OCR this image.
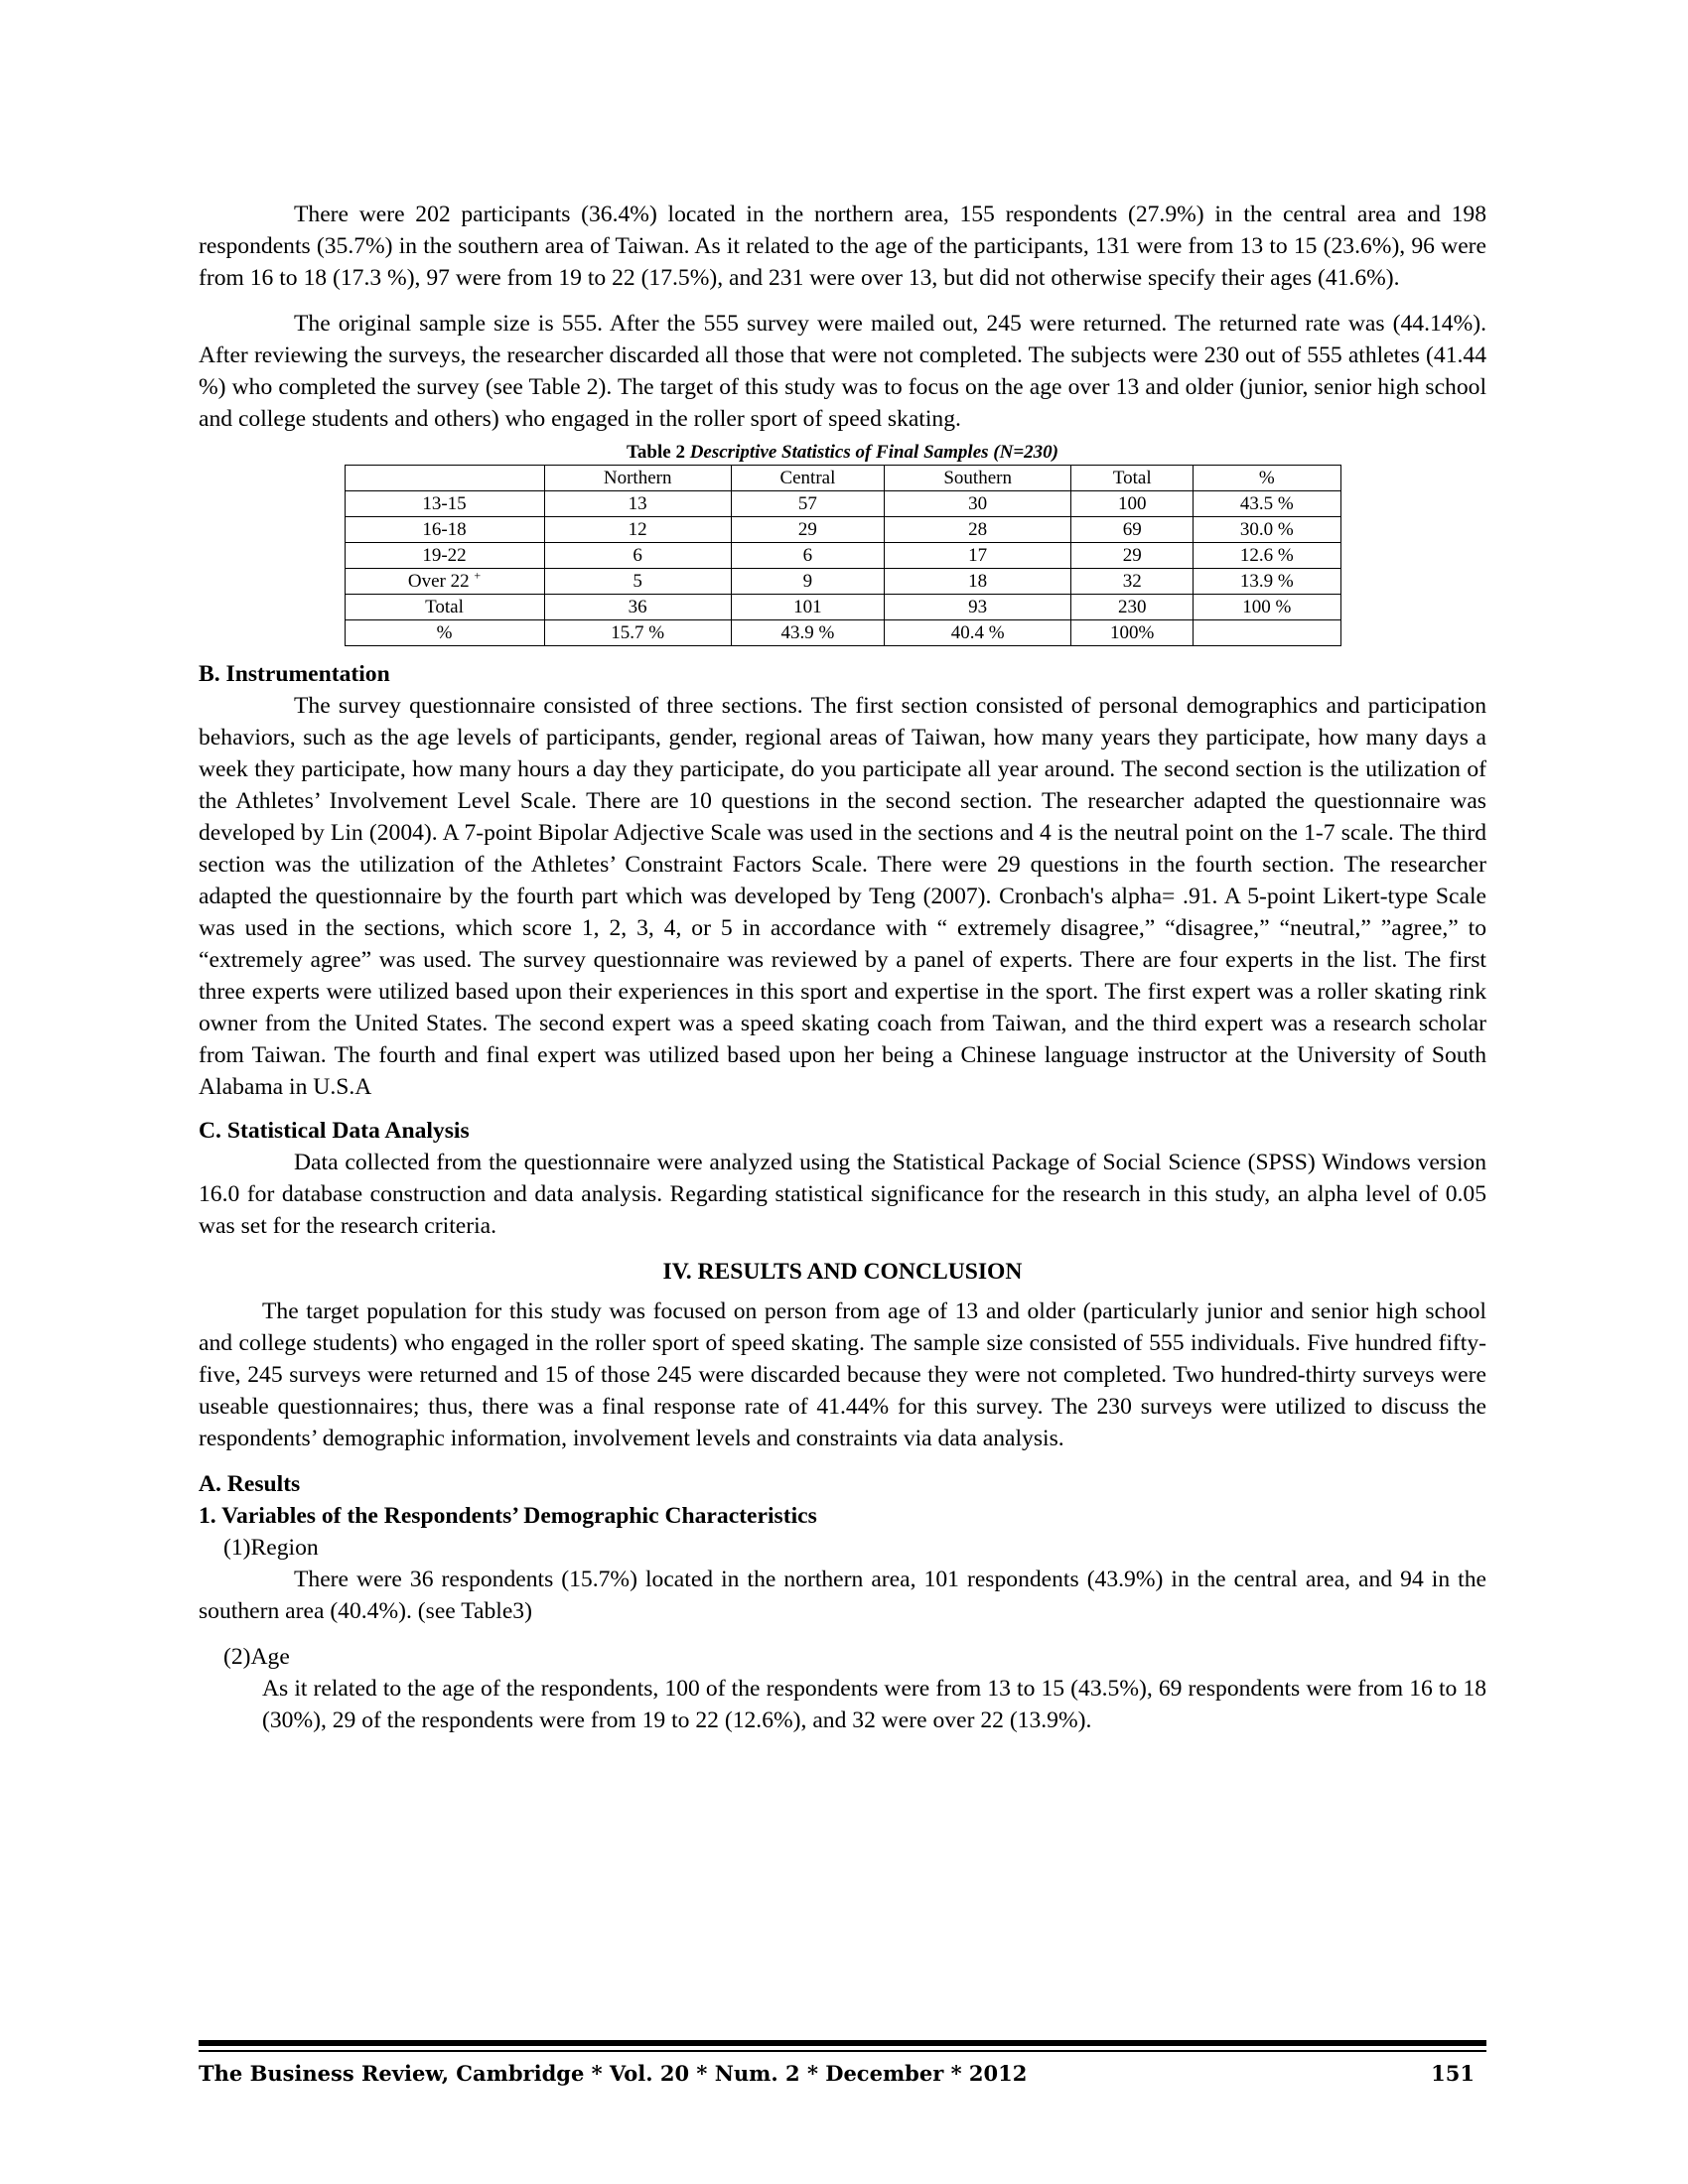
There were 202 participants (36.4%) located in the northern area, 155 respondents (27.9%) in the central area and 198 respondents (35.7%) in the southern area of Taiwan. As it related to the age of the participants, 131 were from 13 to 15 (23.6%), 96 were from 16 to 18 (17.3 %), 97 were from 19 to 22 (17.5%), and 231 were over 13, but did not otherwise specify their ages (41.6%).

The original sample size is 555. After the 555 survey were mailed out, 245 were returned. The returned rate was (44.14%). After reviewing the surveys, the researcher discarded all those that were not completed. The subjects were 230 out of 555 athletes (41.44 %) who completed the survey (see Table 2). The target of this study was to focus on the age over 13 and older (junior, senior high school and college students and others) who engaged in the roller sport of speed skating.

Table 2 Descriptive Statistics of Final Samples (N=230)
	Northern	Central	Southern	Total	%
13-15	13	57	30	100	43.5 %
16-18	12	29	28	69	30.0 %
19-22	6	6	17	29	12.6 %
Over 22 +	5	9	18	32	13.9 %
Total	36	101	93	230	100 %
%	15.7 %	43.9 %	40.4 %	100%	

B. Instrumentation

The survey questionnaire consisted of three sections. The first section consisted of personal demographics and participation behaviors, such as the age levels of participants, gender, regional areas of Taiwan, how many years they participate, how many days a week they participate, how many hours a day they participate, do you participate all year around. The second section is the utilization of the Athletes’ Involvement Level Scale. There are 10 questions in the second section. The researcher adapted the questionnaire was developed by Lin (2004). A 7-point Bipolar Adjective Scale was used in the sections and 4 is the neutral point on the 1-7 scale. The third section was the utilization of the Athletes’ Constraint Factors Scale. There were 29 questions in the fourth section. The researcher adapted the questionnaire by the fourth part which was developed by Teng (2007). Cronbach's alpha= .91. A 5-point Likert-type Scale was used in the sections, which score 1, 2, 3, 4, or 5 in accordance with “ extremely disagree,” “disagree,” “neutral,” ”agree,” to “extremely agree” was used. The survey questionnaire was reviewed by a panel of experts. There are four experts in the list. The first three experts were utilized based upon their experiences in this sport and expertise in the sport. The first expert was a roller skating rink owner from the United States. The second expert was a speed skating coach from Taiwan, and the third expert was a research scholar from Taiwan. The fourth and final expert was utilized based upon her being a Chinese language instructor at the University of South Alabama in U.S.A

C. Statistical Data Analysis

Data collected from the questionnaire were analyzed using the Statistical Package of Social Science (SPSS) Windows version 16.0 for database construction and data analysis. Regarding statistical significance for the research in this study, an alpha level of 0.05 was set for the research criteria.

IV. RESULTS AND CONCLUSION

The target population for this study was focused on person from age of 13 and older (particularly junior and senior high school and college students) who engaged in the roller sport of speed skating. The sample size consisted of 555 individuals. Five hundred fifty-five, 245 surveys were returned and 15 of those 245 were discarded because they were not completed. Two hundred-thirty surveys were useable questionnaires; thus, there was a final response rate of 41.44% for this survey. The 230 surveys were utilized to discuss the respondents’ demographic information, involvement levels and constraints via data analysis.

A. Results

1. Variables of the Respondents’ Demographic Characteristics

(1)Region

There were 36 respondents (15.7%) located in the northern area, 101 respondents (43.9%) in the central area, and 94 in the southern area (40.4%). (see Table3)

(2)Age

As it related to the age of the respondents, 100 of the respondents were from 13 to 15 (43.5%), 69 respondents were from 16 to 18 (30%), 29 of the respondents were from 19 to 22 (12.6%), and 32 were over 22 (13.9%).

The Business Review, Cambridge * Vol. 20 * Num. 2 * December * 2012	151
